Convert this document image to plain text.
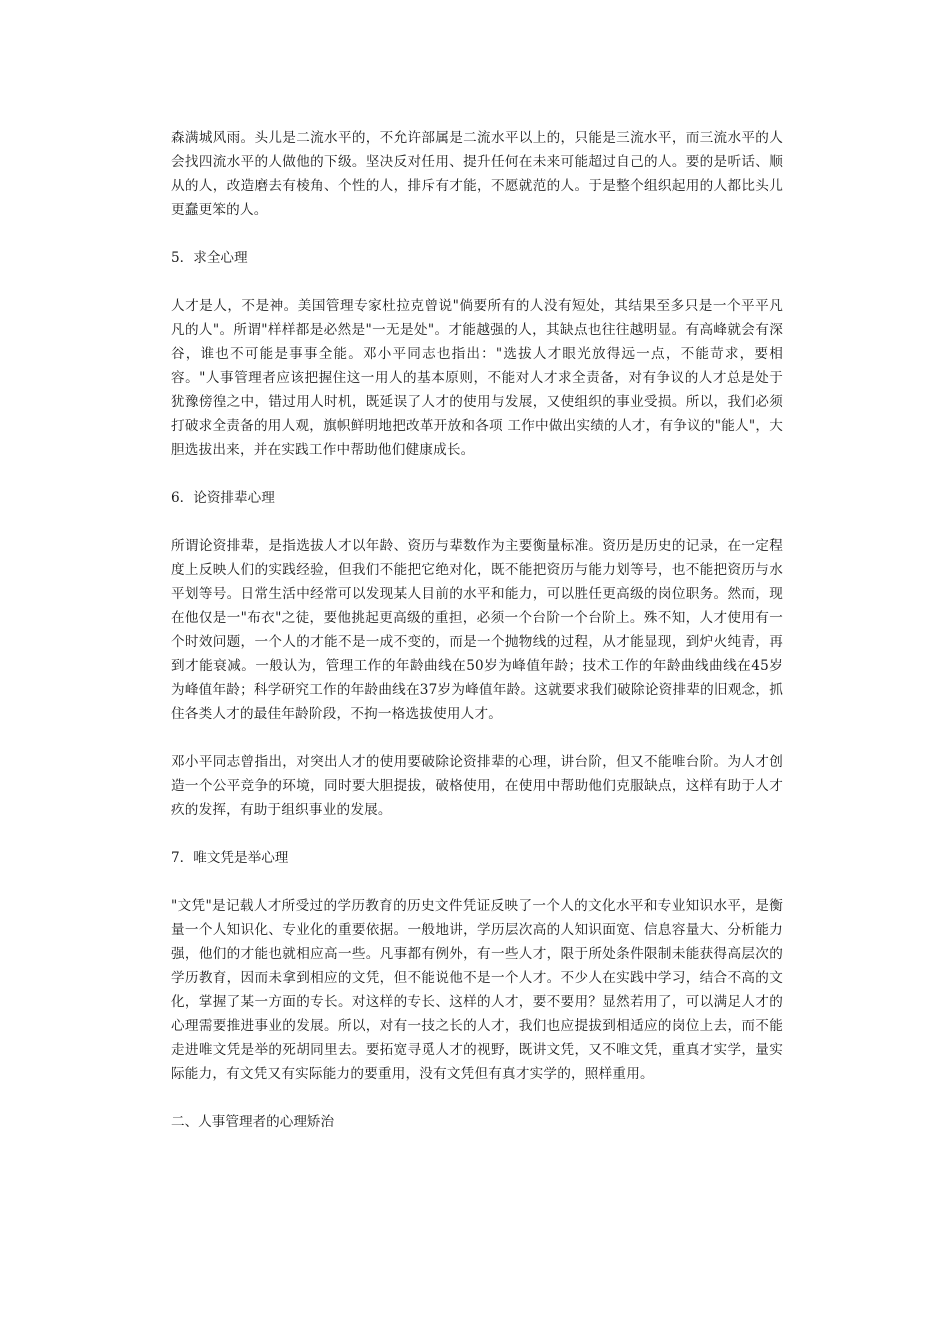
森满城风雨。头儿是二流水平的，不允许部属是二流水平以上的，只能是三流水平，而三流水平的人会找四流水平的人做他的下级。坚决反对任用、提升任何在未来可能超过自己的人。要的是听话、顺从的人，改造磨去有棱角、个性的人，排斥有才能，不愿就范的人。于是整个组织起用的人都比头儿更蠢更笨的人。

5．求全心理

人才是人，不是神。美国管理专家杜拉克曾说"倘要所有的人没有短处，其结果至多只是一个平平凡凡的人"。所谓"样样都是必然是"一无是处"。才能越强的人，其缺点也往往越明显。有高峰就会有深谷，谁也不可能是事事全能。邓小平同志也指出："选拔人才眼光放得远一点，不能苛求，要相容。"人事管理者应该把握住这一用人的基本原则，不能对人才求全责备，对有争议的人才总是处于犹豫傍徨之中，错过用人时机，既延误了人才的使用与发展，又使组织的事业受损。所以，我们必须打破求全责备的用人观，旗帜鲜明地把改革开放和各项 工作中做出实绩的人才，有争议的"能人"，大胆选拔出来，并在实践工作中帮助他们健康成长。

6．论资排辈心理

所谓论资排辈，是指选拔人才以年龄、资历与辈数作为主要衡量标准。资历是历史的记录，在一定程度上反映人们的实践经验，但我们不能把它绝对化，既不能把资历与能力划等号，也不能把资历与水平划等号。日常生活中经常可以发现某人目前的水平和能力，可以胜任更高级的岗位职务。然而，现在他仅是一"布衣"之徒，要他挑起更高级的重担，必须一个台阶一个台阶上。殊不知，人才使用有一个时效问题，一个人的才能不是一成不变的，而是一个抛物线的过程，从才能显现，到炉火纯青，再到才能衰减。一般认为，管理工作的年龄曲线在50岁为峰值年龄；技术工作的年龄曲线曲线在45岁为峰值年龄；科学研究工作的年龄曲线在37岁为峰值年龄。这就要求我们破除论资排辈的旧观念，抓住各类人才的最佳年龄阶段，不拘一格选拔使用人才。

邓小平同志曾指出，对突出人才的使用要破除论资排辈的心理，讲台阶，但又不能唯台阶。为人才创造一个公平竞争的环境，同时要大胆提拔，破格使用，在使用中帮助他们克服缺点，这样有助于人才疚的发挥，有助于组织事业的发展。

7．唯文凭是举心理

"文凭"是记载人才所受过的学历教育的历史文件凭证反映了一个人的文化水平和专业知识水平，是衡量一个人知识化、专业化的重要依据。一般地讲，学历层次高的人知识面宽、信息容量大、分析能力强，他们的才能也就相应高一些。凡事都有例外，有一些人才，限于所处条件限制未能获得高层次的学历教育，因而未拿到相应的文凭，但不能说他不是一个人才。不少人在实践中学习，结合不高的文化，掌握了某一方面的专长。对这样的专长、这样的人才，要不要用？显然若用了，可以满足人才的心理需要推进事业的发展。所以，对有一技之长的人才，我们也应提拔到相适应的岗位上去，而不能走进唯文凭是举的死胡同里去。要拓宽寻觅人才的视野，既讲文凭，又不唯文凭，重真才实学，量实际能力，有文凭又有实际能力的要重用，没有文凭但有真才实学的，照样重用。

二、人事管理者的心理矫治
